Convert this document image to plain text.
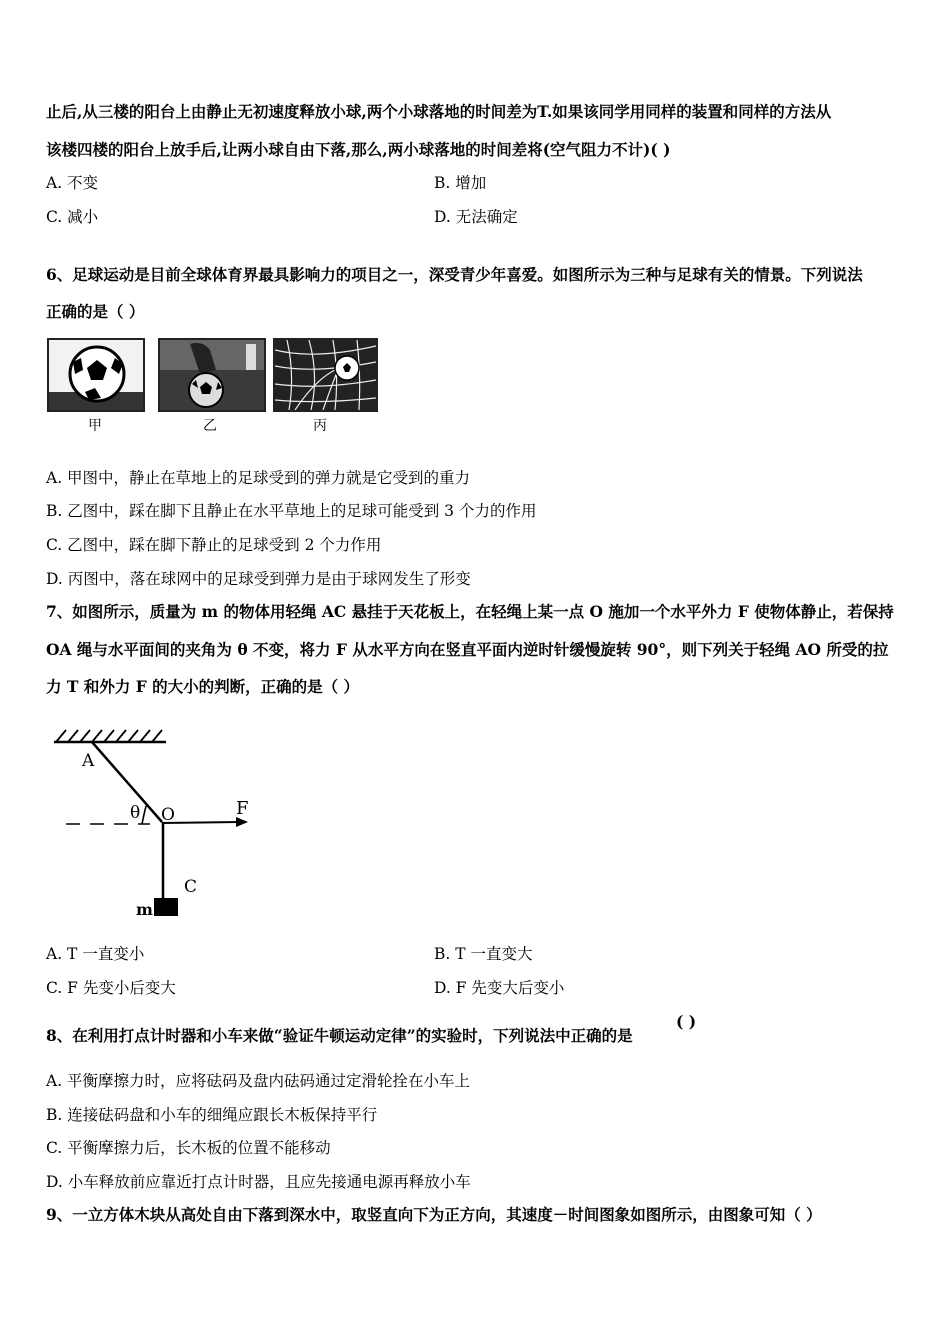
止后,从三楼的阳台上由静止无初速度释放小球,两个小球落地的时间差为T.如果该同学用同样的装置和同样的方法从
该楼四楼的阳台上放手后,让两小球自由下落,那么,两小球落地的时间差将(空气阻力不计)( )
A. 不变	B. 增加
C. 减小	D. 无法确定
6、足球运动是目前全球体育界最具影响力的项目之一，深受青少年喜爱。如图所示为三种与足球有关的情景。下列说法
正确的是（ ）
甲	乙	丙
A. 甲图中，静止在草地上的足球受到的弹力就是它受到的重力
B. 乙图中，踩在脚下且静止在水平草地上的足球可能受到 3 个力的作用
C. 乙图中，踩在脚下静止的足球受到 2 个力作用
D. 丙图中，落在球网中的足球受到弹力是由于球网发生了形变
7、如图所示，质量为 m 的物体用轻绳 AC 悬挂于天花板上，在轻绳上某一点 O 施加一个水平外力 F 使物体静止，若保持
OA 绳与水平面间的夹角为 θ 不变，将力 F 从水平方向在竖直平面内逆时针缓慢旋转 90°，则下列关于轻绳 AO 所受的拉
力 T 和外力 F 的大小的判断，正确的是（ ）
A
θ O	F
C
m
A. T 一直变小	B. T 一直变大
C. F 先变小后变大	D. F 先变大后变小
8、在利用打点计时器和小车来做“验证牛顿运动定律”的实验时，下列说法中正确的是
( )
A. 平衡摩擦力时，应将砝码及盘内砝码通过定滑轮拴在小车上
B. 连接砝码盘和小车的细绳应跟长木板保持平行
C. 平衡摩擦力后，长木板的位置不能移动
D. 小车释放前应靠近打点计时器，且应先接通电源再释放小车
9、一立方体木块从高处自由下落到深水中，取竖直向下为正方向，其速度－时间图象如图所示，由图象可知（ ）
